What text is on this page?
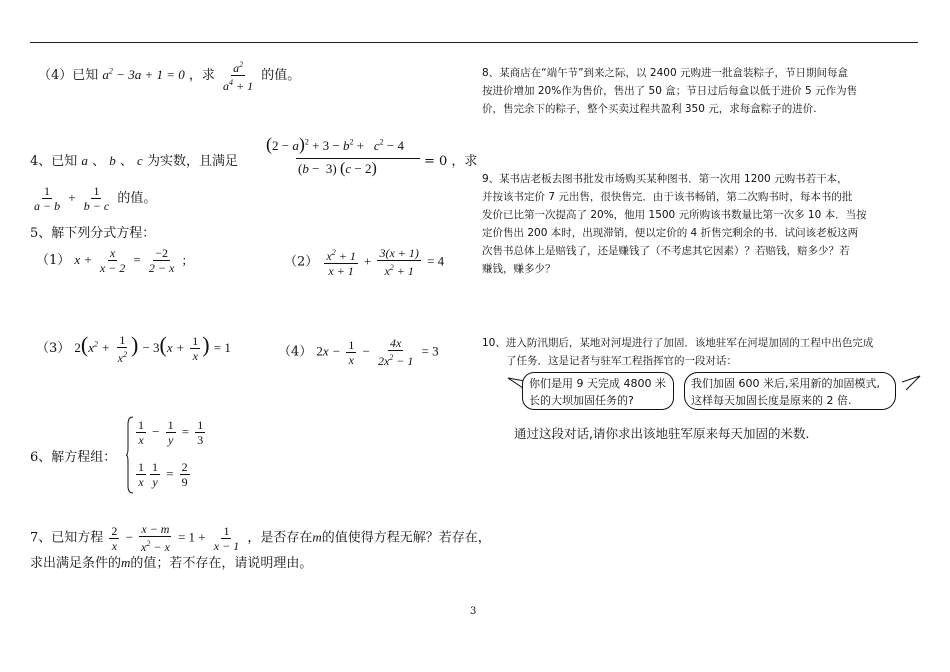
（4）已知 $a^2 - 3a + 1 = 0$ ，求 $\frac{a^2}{a^4 + 1}$ 的值。
4、已知 a 、 b 、 c 为实数，且满足
$(2 - a)^2 + 3 - b^2 + c^2 - 4$
(b −  3) (c − 2)	= 0 ，求
$\frac{1}{a - b} + \frac{1}{b - c}$ 的值。
5、解下列分式方程：
（1） $x + \frac{x}{x - 2} = \frac{-2}{2 - x}$ ;	$(2) \frac{x^2 + 1}{x + 1} + \frac{3(x + 1)}{x^2 + 1} = 4$
（3） $2(x^2 + \frac{1}{x^2}$ ) − $3(x + \frac{1}{x}$ ) = 1	（4） $2x - \frac{1}{x} - \frac{4x}{2x^2 - 1} = 3$
6、解方程组：
$\frac{1}{x} - \frac{1}{y} = \frac{1}{3}$
$\frac{1}{x} \frac{1}{y} = \frac{2}{9}$
7、已知方程 $\frac{2}{x} - \frac{x - m}{x^2 - x} = 1 + \frac{1}{x - 1}$ ，是否存在m的值使得方程无解？若存在，
求出满足条件的m的值；若不存在，请说明理由。
8、某商店在“端午节”到来之际，以 2400 元购进一批盒装粽子，节日期间每盒
按进价增加 20%作为售价，售出了 50 盒；节日过后每盒以低于进价 5 元作为售
价，售完余下的粽子，整个买卖过程共盈利 350 元，求每盒粽子的进价.
9、某书店老板去图书批发市场购买某种图书．第一次用 1200 元购书若干本，
并按该书定价 7 元出售，很快售完．由于该书畅销，第二次购书时，每本书的批
发价已比第一次提高了 20%，他用 1500 元所购该书数量比第一次多 10 本．当按
定价售出 200 本时，出现滞销，便以定价的 4 折售完剩余的书．试问该老板这两
次售书总体上是赔钱了，还是赚钱了（不考虑其它因素）？若赔钱，赔多少？若
赚钱，赚多少？
10、进入防汛期后，某地对河堤进行了加固．该地驻军在河堤加固的工程中出色完成
了任务．这是记者与驻军工程指挥官的一段对话：
你们是用 9 天完成 4800 米长的大坝加固任务的?
我们加固 600 米后,采用新的加固模式,这样每天加固长度是原来的 2 倍.
通过这段对话,请你求出该地驻军原来每天加固的米数.
3
